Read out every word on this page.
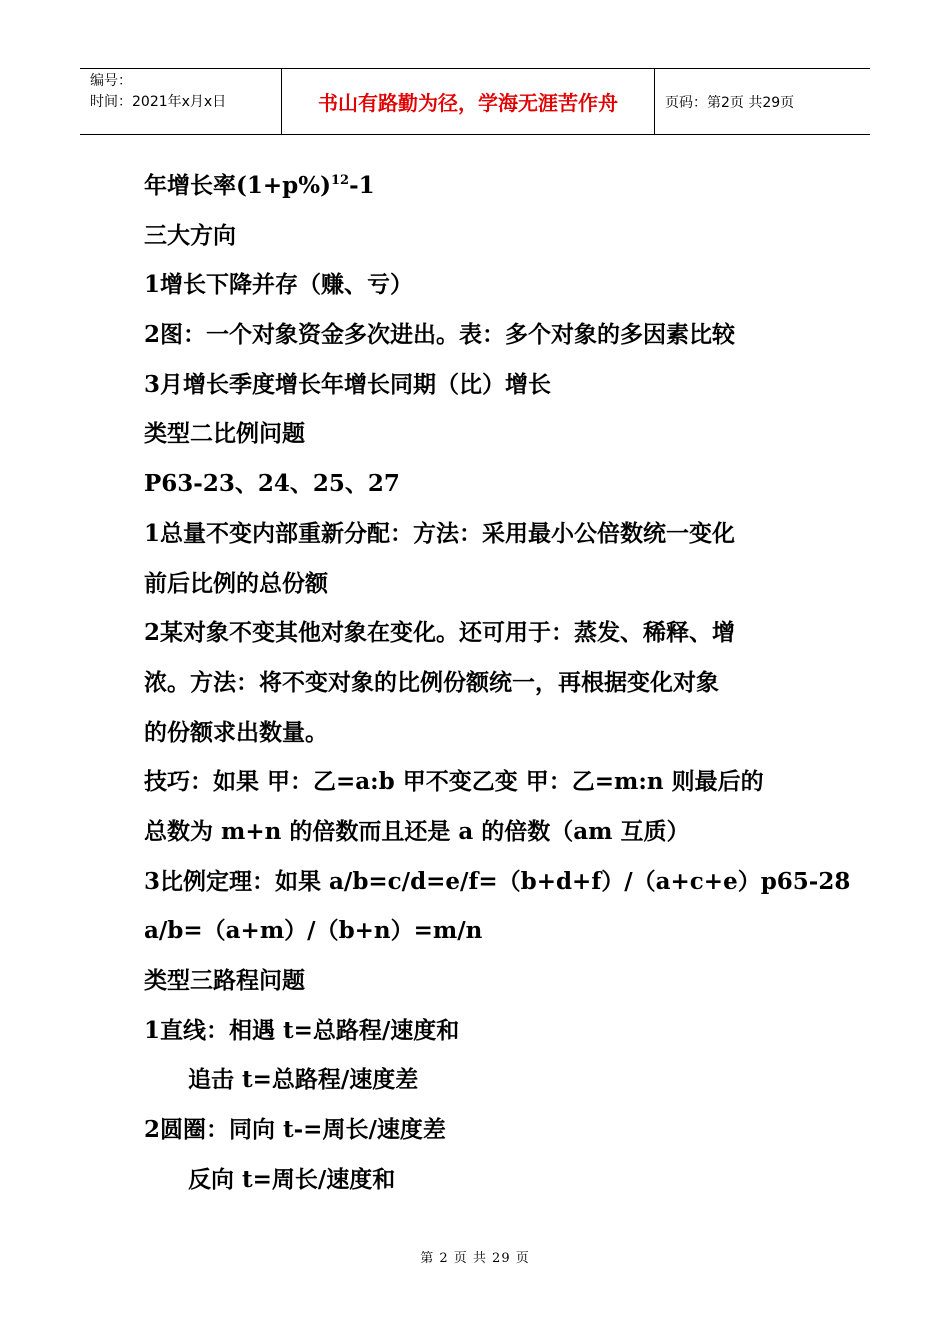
编号：
时间：2021年x月x日	书山有路勤为径，学海无涯苦作舟	页码：第2页 共29页
年增长率$(1+p\%)^{12}-1$
三大方向
1增长下降并存（赚、亏）
2图：一个对象资金多次进出。表：多个对象的多因素比较
3月增长季度增长年增长同期（比）增长
类型二比例问题
P63-23、24、25、27
1总量不变内部重新分配：方法：采用最小公倍数统一变化
前后比例的总份额
2某对象不变其他对象在变化。还可用于：蒸发、稀释、增
浓。方法：将不变对象的比例份额统一，再根据变化对象
的份额求出数量。
技巧：如果 甲：乙=a:b 甲不变乙变 甲：乙=m:n 则最后的
总数为 m+n 的倍数而且还是 a 的倍数（am 互质）
3比例定理：如果 a/b=c/d=e/f=（b+d+f）/（a+c+e）p65-28
a/b=（a+m）/（b+n）=m/n
类型三路程问题
1直线：相遇 t=总路程/速度和
追击 t=总路程/速度差
2圆圈：同向 t-=周长/速度差
反向 t=周长/速度和
第 2 页 共 29 页
